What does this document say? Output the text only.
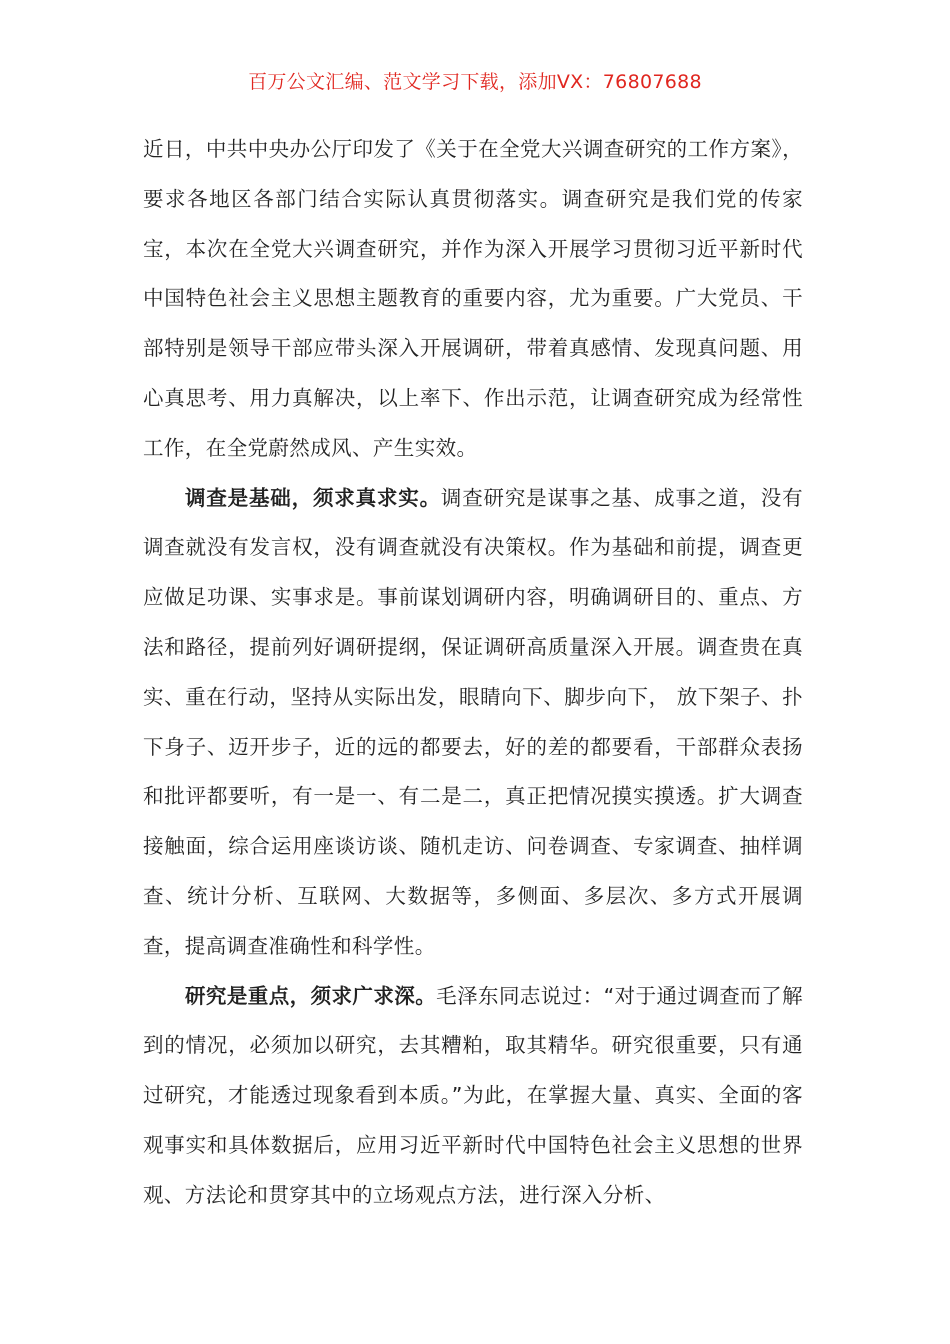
百万公文汇编、范文学习下载，添加VX：76807688

近日，中共中央办公厅印发了《关于在全党大兴调查研究的工作方案》，要求各地区各部门结合实际认真贯彻落实。调查研究是我们党的传家宝，本次在全党大兴调查研究，并作为深入开展学习贯彻习近平新时代中国特色社会主义思想主题教育的重要内容，尤为重要。广大党员、干部特别是领导干部应带头深入开展调研，带着真感情、发现真问题、用心真思考、用力真解决，以上率下、作出示范，让调查研究成为经常性工作，在全党蔚然成风、产生实效。

调查是基础，须求真求实。调查研究是谋事之基、成事之道，没有调查就没有发言权，没有调查就没有决策权。作为基础和前提，调查更应做足功课、实事求是。事前谋划调研内容，明确调研目的、重点、方法和路径，提前列好调研提纲，保证调研高质量深入开展。调查贵在真实、重在行动，坚持从实际出发，眼睛向下、脚步向下， 放下架子、扑下身子、迈开步子，近的远的都要去，好的差的都要看，干部群众表扬和批评都要听，有一是一、有二是二，真正把情况摸实摸透。扩大调查接触面，综合运用座谈访谈、随机走访、问卷调查、专家调查、抽样调查、统计分析、互联网、大数据等，多侧面、多层次、多方式开展调查，提高调查准确性和科学性。

研究是重点，须求广求深。毛泽东同志说过：“对于通过调查而了解到的情况，必须加以研究，去其糟粕，取其精华。研究很重要，只有通过研究，才能透过现象看到本质。”为此，在掌握大量、真实、全面的客观事实和具体数据后，应用习近平新时代中国特色社会主义思想的世界观、方法论和贯穿其中的立场观点方法，进行深入分析、
